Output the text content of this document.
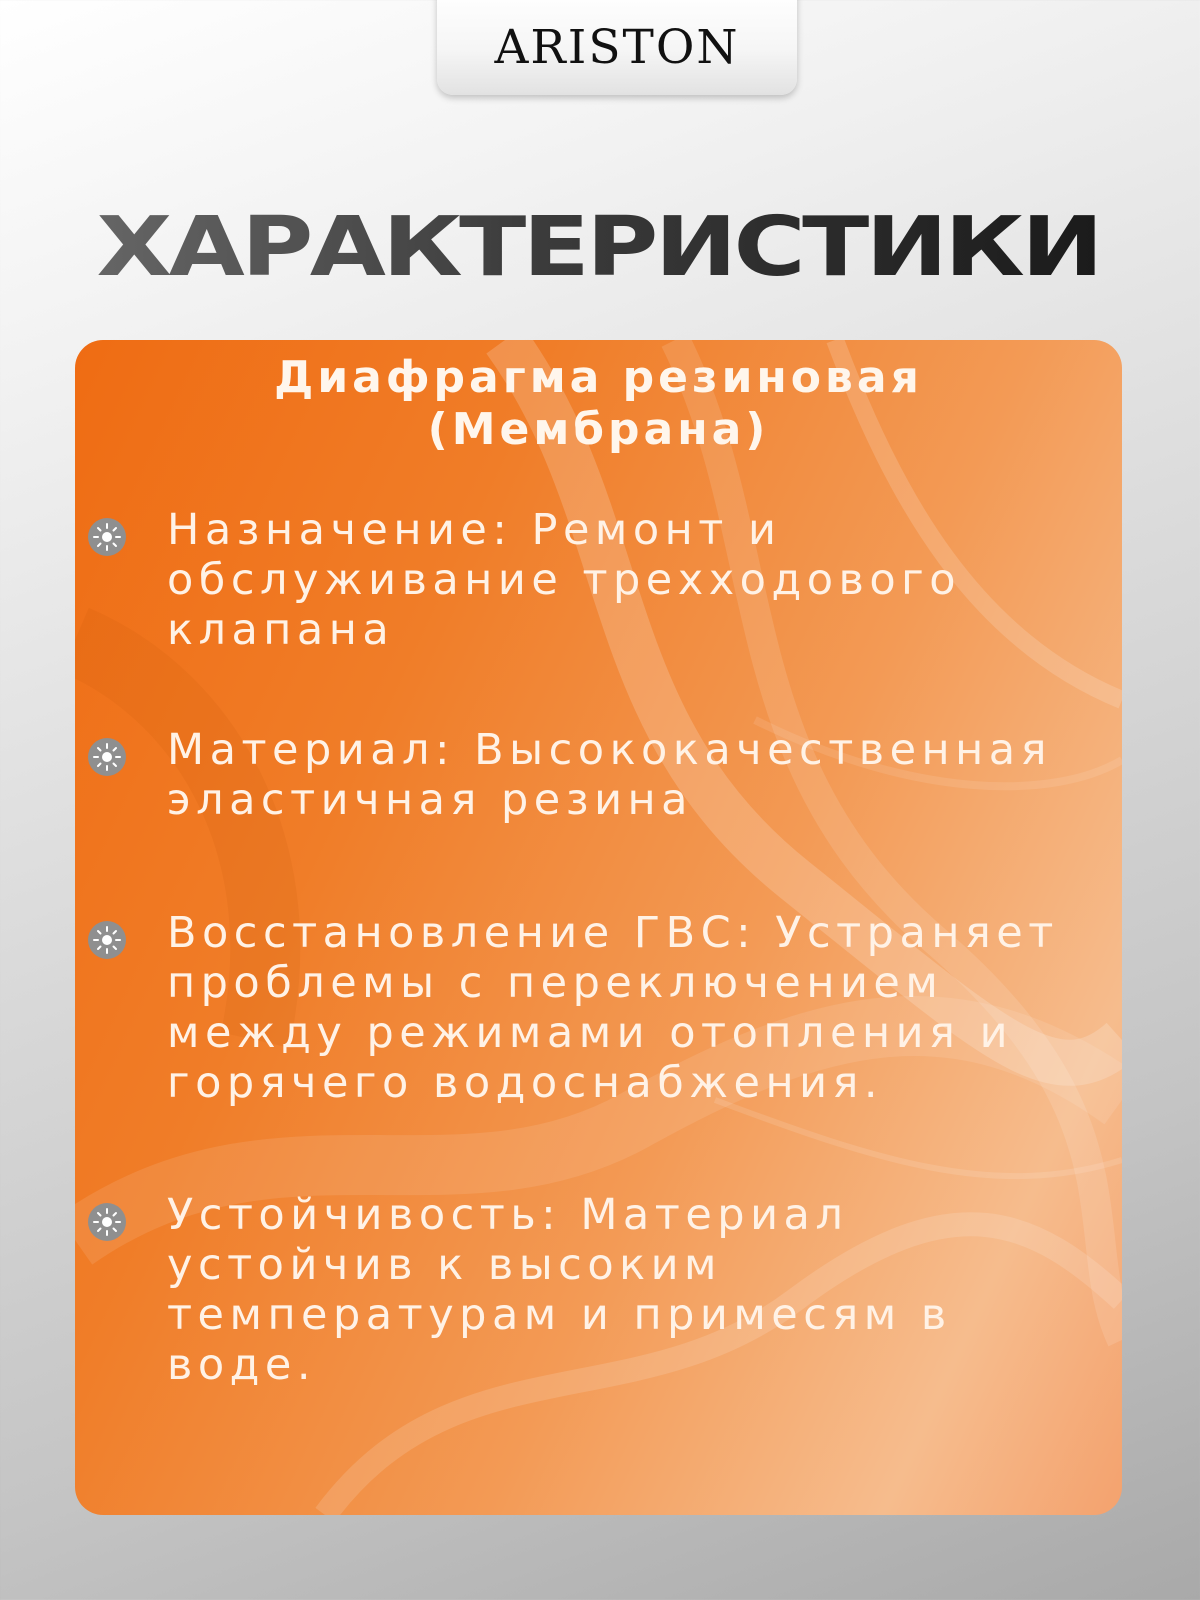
ARISTON
ХАРАКТЕРИСТИКИ
Диафрагма резиновая
(Мембрана)

Назначение: Ремонт и обслуживание трехходового клапана

Материал: Высококачественная эластичная резина

Восстановление ГВС: Устраняет проблемы с переключением между режимами отопления и горячего водоснабжения.

Устойчивость: Материал устойчив к высоким температурам и примесям в воде.
